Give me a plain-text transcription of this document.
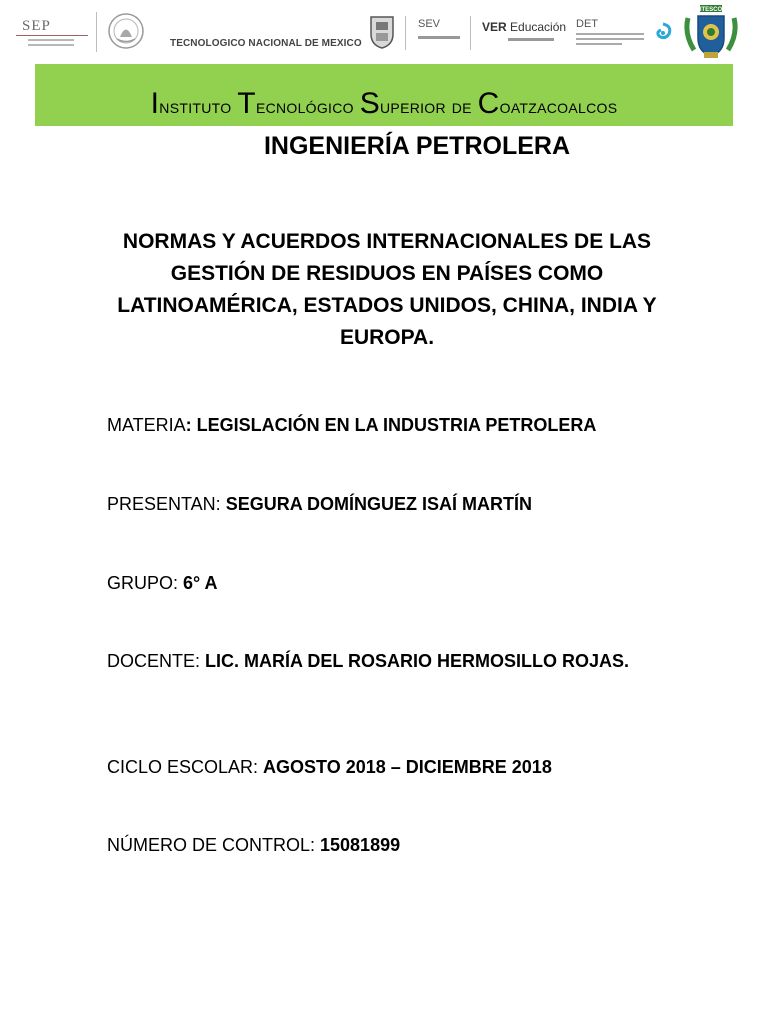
SEP
TECNOLOGICO NACIONAL DE MEXICO
SEV	VER Educación DET
ITESCO
Instituto Tecnológico Superior de Coatzacoalcos
INGENIERÍA PETROLERA
NORMAS Y ACUERDOS INTERNACIONALES DE LAS GESTIÓN DE RESIDUOS EN PAÍSES COMO LATINOAMÉRICA, ESTADOS UNIDOS, CHINA, INDIA Y EUROPA.
MATERIA: LEGISLACIÓN EN LA INDUSTRIA PETROLERA
PRESENTAN: SEGURA DOMÍNGUEZ ISAÍ MARTÍN
GRUPO: 6° A
DOCENTE: LIC. MARÍA DEL ROSARIO HERMOSILLO ROJAS.
CICLO ESCOLAR: AGOSTO 2018 – DICIEMBRE 2018
NÚMERO DE CONTROL: 15081899
